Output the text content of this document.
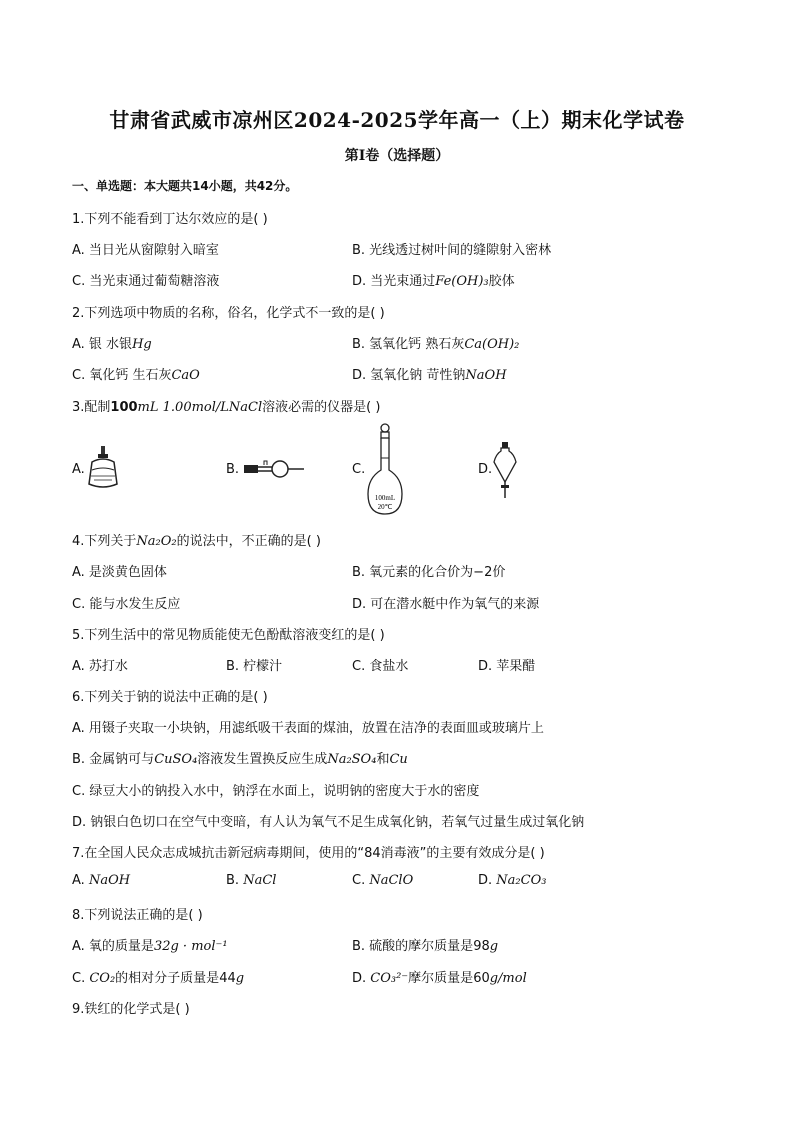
甘肃省武威市凉州区2024-2025学年高一（上）期末化学试卷
第I卷（选择题）
一、单选题：本大题共14小题，共42分。
1.下列不能看到丁达尔效应的是( )
A. 当日光从窗隙射入暗室	B. 光线透过树叶间的缝隙射入密林
C. 当光束通过葡萄糖溶液	D. 当光束通过Fe(OH)₃胶体
2.下列选项中物质的名称，俗名，化学式不一致的是( )
A. 银 水银Hg	B. 氢氧化钙 熟石灰Ca(OH)₂
C. 氧化钙 生石灰CaO	D. 氢氧化钠 苛性钠NaOH
3.配制100mL 1.00mol/LNaCl溶液必需的仪器是( )
A.	B.	C.
100mL
20℃
D.
4.下列关于Na₂O₂的说法中，不正确的是( )
A. 是淡黄色固体	B. 氧元素的化合价为−2价
C. 能与水发生反应	D. 可在潜水艇中作为氧气的来源
5.下列生活中的常见物质能使无色酚酞溶液变红的是( )
A. 苏打水	B. 柠檬汁	C. 食盐水	D. 苹果醋
6.下列关于钠的说法中正确的是( )
A. 用镊子夹取一小块钠，用滤纸吸干表面的煤油，放置在洁净的表面皿或玻璃片上
B. 金属钠可与CuSO₄溶液发生置换反应生成Na₂SO₄和Cu
C. 绿豆大小的钠投入水中，钠浮在水面上，说明钠的密度大于水的密度
D. 钠银白色切口在空气中变暗，有人认为氧气不足生成氧化钠，若氧气过量生成过氧化钠
7.在全国人民众志成城抗击新冠病毒期间，使用的“84消毒液”的主要有效成分是( )
A. NaOH	B. NaCl	C. NaClO	D. Na₂CO₃
8.下列说法正确的是( )
A. 氧的质量是32g · mol⁻¹	B. 硫酸的摩尔质量是98g
C. CO₂的相对分子质量是44g	D. CO₃²⁻摩尔质量是60g/mol
9.铁红的化学式是( )
